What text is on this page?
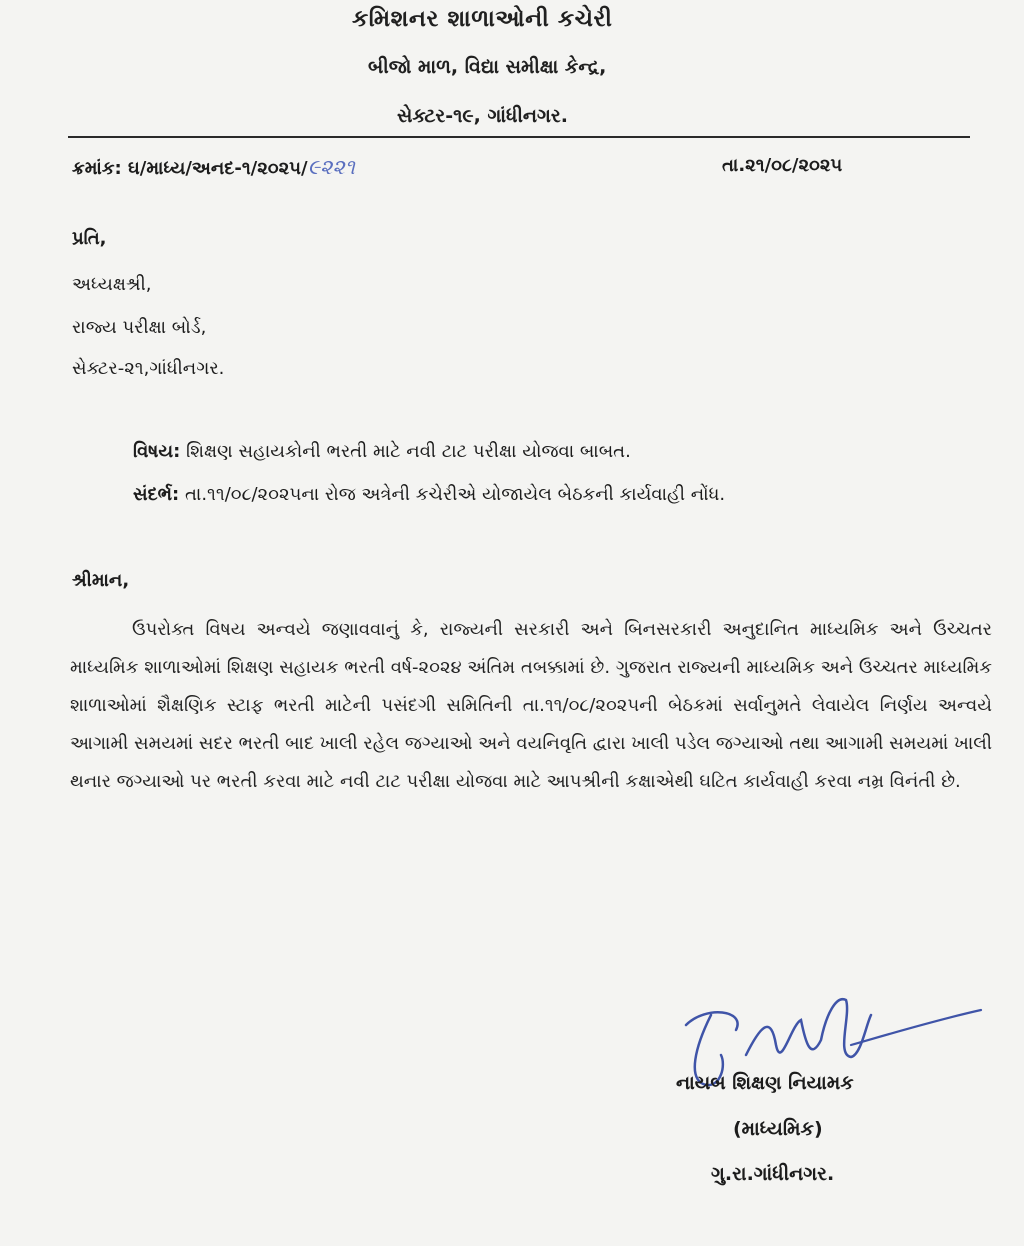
કમિશનર શાળાઓની કચેરી
બીજો માળ, વિદ્યા સમીક્ષા કેન્દ્ર,
સેક્ટર-૧૯, ગાંધીનગર.
ક્રમાંક: ઘ/માધ્ય/અનદ-૧/૨૦૨૫/૯૨૨૧	તા.૨૧/૦૮/૨૦૨૫
પ્રતિ,
અધ્યક્ષશ્રી,
રાજ્ય પરીક્ષા બોર્ડ,
સેક્ટર-૨૧,ગાંધીનગર.
વિષય: શિક્ષણ સહાયકોની ભરતી માટે નવી ટાટ પરીક્ષા યોજવા બાબત.
સંદર્ભ: તા.૧૧/૦૮/૨૦૨૫ના રોજ અત્રેની કચેરીએ યોજાયેલ બેઠકની કાર્યવાહી નોંધ.
શ્રીમાન,
ઉપરોક્ત વિષય અન્વયે જણાવવાનું કે, રાજ્યની સરકારી અને બિનસરકારી અનુદાનિત માધ્યમિક અને ઉચ્ચતર માધ્યમિક શાળાઓમાં શિક્ષણ સહાયક ભરતી વર્ષ-૨૦૨૪ અંતિમ તબક્કામાં છે. ગુજરાત રાજ્યની માધ્યમિક અને ઉચ્ચતર માધ્યમિક શાળાઓમાં શૈક્ષણિક સ્ટાફ ભરતી માટેની પસંદગી સમિતિની તા.૧૧/૦૮/૨૦૨૫ની બેઠકમાં સર્વાનુમતે લેવાયેલ નિર્ણય અન્વયે આગામી સમયમાં સદર ભરતી બાદ ખાલી રહેલ જગ્યાઓ અને વયનિવૃતિ દ્વારા ખાલી પડેલ જગ્યાઓ તથા આગામી સમયમાં ખાલી થનાર જગ્યાઓ પર ભરતી કરવા માટે નવી ટાટ પરીક્ષા યોજવા માટે આપશ્રીની કક્ષાએથી ઘટિત કાર્યવાહી કરવા નમ્ર વિનંતી છે.
નાયબ શિક્ષણ નિયામક
(માધ્યમિક)
ગુ.રા.ગાંધીનગર.
